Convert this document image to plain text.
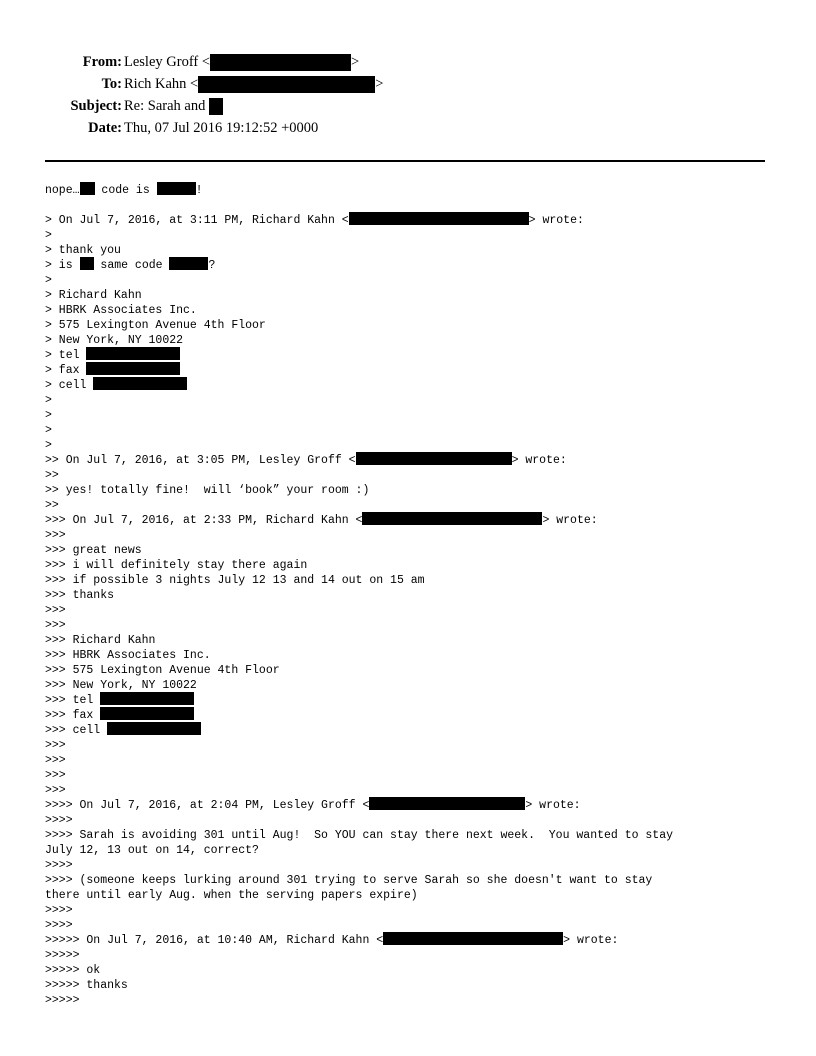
From: Lesley Groff <	>
To: Rich Kahn <	>
Subject: Re: Sarah and
Date: Thu, 07 Jul 2016 19:12:52 +0000
nope… code is	!
> On Jul 7, 2016, at 3:11 PM, Richard Kahn <	> wrote:
>
> thank you
> is  same code	?
>
> Richard Kahn
> HBRK Associates Inc.
> 575 Lexington Avenue 4th Floor
> New York, NY 10022
> tel
> fax
> cell
>
>
>
>
>> On Jul 7, 2016, at 3:05 PM, Lesley Groff <	> wrote:
>>
>> yes! totally fine!  will ‘book” your room :)
>>
>>> On Jul 7, 2016, at 2:33 PM, Richard Kahn <	> wrote:
>>>
>>> great news
>>> i will definitely stay there again
>>> if possible 3 nights July 12 13 and 14 out on 15 am
>>> thanks
>>>
>>>
>>> Richard Kahn
>>> HBRK Associates Inc.
>>> 575 Lexington Avenue 4th Floor
>>> New York, NY 10022
>>> tel
>>> fax
>>> cell
>>>
>>>
>>>
>>>
>>>> On Jul 7, 2016, at 2:04 PM, Lesley Groff <	> wrote:
>>>>
>>>> Sarah is avoiding 301 until Aug!  So YOU can stay there next week.  You wanted to stay
July 12, 13 out on 14, correct?
>>>>
>>>> (someone keeps lurking around 301 trying to serve Sarah so she doesn't want to stay
there until early Aug. when the serving papers expire)
>>>>
>>>>
>>>>> On Jul 7, 2016, at 10:40 AM, Richard Kahn <	> wrote:
>>>>>
>>>>> ok
>>>>> thanks
>>>>>
